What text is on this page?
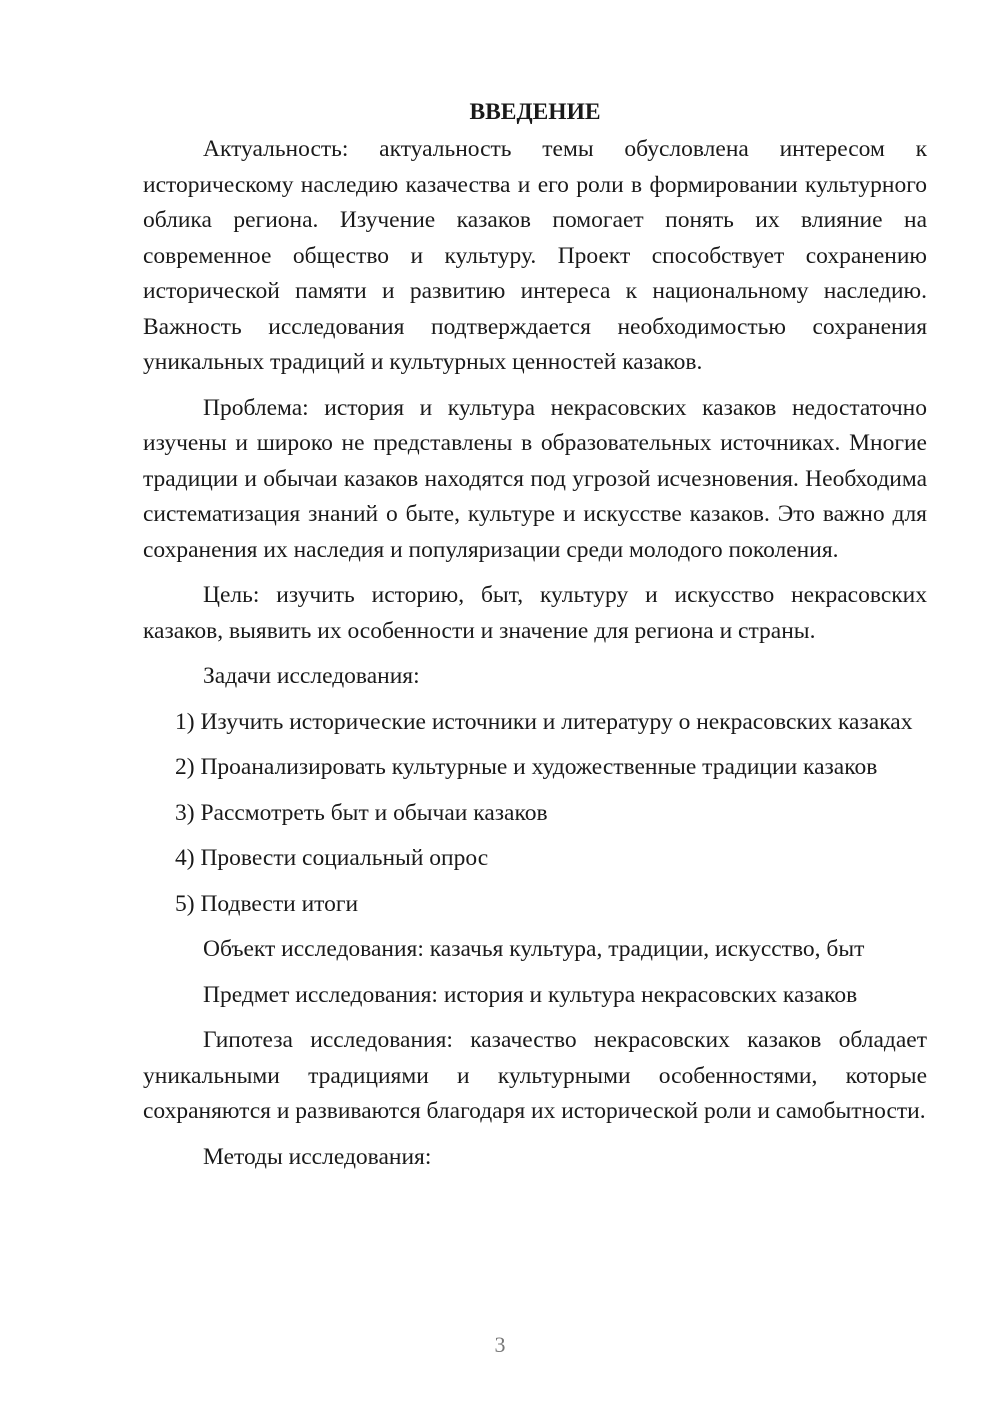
ВВЕДЕНИЕ

Актуальность: актуальность темы обусловлена интересом к историческому наследию казачества и его роли в формировании культурного облика региона. Изучение казаков помогает понять их влияние на современное общество и культуру. Проект способствует сохранению исторической памяти и развитию интереса к национальному наследию. Важность исследования подтверждается необходимостью сохранения уникальных традиций и культурных ценностей казаков.

Проблема: история и культура некрасовских казаков недостаточно изучены и широко не представлены в образовательных источниках. Многие традиции и обычаи казаков находятся под угрозой исчезновения. Необходима систематизация знаний о быте, культуре и искусстве казаков. Это важно для сохранения их наследия и популяризации среди молодого поколения.

Цель: изучить историю, быт, культуру и искусство некрасовских казаков, выявить их особенности и значение для региона и страны.

Задачи исследования:

1) Изучить исторические источники и литературу о некрасовских казаках

2) Проанализировать культурные и художественные традиции казаков

3) Рассмотреть быт и обычаи казаков

4) Провести социальный опрос

5) Подвести итоги

Объект исследования: казачья культура, традиции, искусство, быт

Предмет исследования: история и культура некрасовских казаков

Гипотеза исследования: казачество некрасовских казаков обладает уникальными традициями и культурными особенностями, которые сохраняются и развиваются благодаря их исторической роли и самобытности.

Методы исследования:

3
